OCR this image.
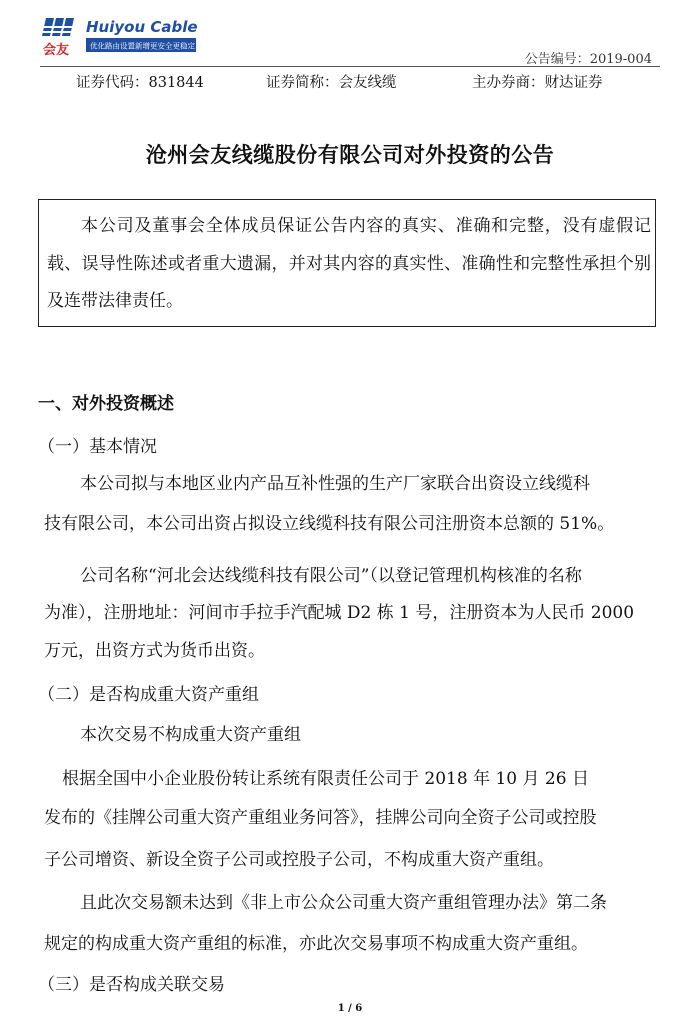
会友
Huiyou Cable
优化路由设置新增更安全更稳定
公告编号：2019-004
证券代码：831844	证券简称：会友线缆	主办券商：财达证券
沧州会友线缆股份有限公司对外投资的公告

本公司及董事会全体成员保证公告内容的真实、准确和完整，没有虚假记载、误导性陈述或者重大遗漏，并对其内容的真实性、准确性和完整性承担个别及连带法律责任。

一、对外投资概述

（一）基本情况

本公司拟与本地区业内产品互补性强的生产厂家联合出资设立线缆科

技有限公司，本公司出资占拟设立线缆科技有限公司注册资本总额的 51%。

公司名称“河北会达线缆科技有限公司”（以登记管理机构核准的名称

为准），注册地址：河间市手拉手汽配城 D2 栋 1 号，注册资本为人民币 2000

万元，出资方式为货币出资。

（二）是否构成重大资产重组

本次交易不构成重大资产重组

根据全国中小企业股份转让系统有限责任公司于 2018 年 10 月 26 日

发布的《挂牌公司重大资产重组业务问答》，挂牌公司向全资子公司或控股

子公司增资、新设全资子公司或控股子公司，不构成重大资产重组。

且此次交易额未达到《非上市公众公司重大资产重组管理办法》第二条

规定的构成重大资产重组的标准，亦此次交易事项不构成重大资产重组。

（三）是否构成关联交易

1 / 6
